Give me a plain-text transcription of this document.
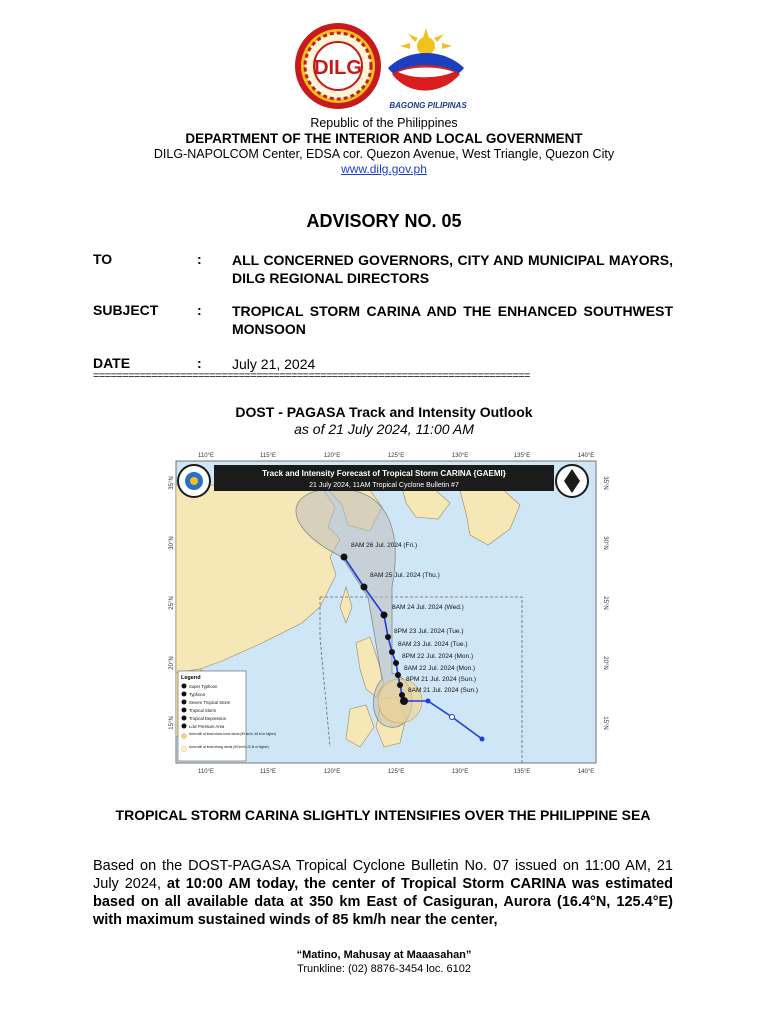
DILG
BAGONG PILIPINAS
Republic of the Philippines
DEPARTMENT OF THE INTERIOR AND LOCAL GOVERNMENT
DILG-NAPOLCOM Center, EDSA cor. Quezon Avenue, West Triangle, Quezon City
www.dilg.gov.ph
ADVISORY NO. 05
TO	: ALL CONCERNED GOVERNORS, CITY AND MUNICIPAL MAYORS, DILG REGIONAL DIRECTORS
SUBJECT	: TROPICAL STORM CARINA AND THE ENHANCED SOUTHWEST MONSOON
DATE	: July 21, 2024
===========================================================================
DOST - PAGASA Track and Intensity Outlook
as of 21 July 2024, 11:00 AM
8AM 26 Jul. 2024 (Fri.)
8AM 25 Jul. 2024 (Thu.)
8AM 24 Jul. 2024 (Wed.)
8PM 23 Jul. 2024 (Tue.)
8AM 23 Jul. 2024 (Tue.)
8PM 22 Jul. 2024 (Mon.)
8AM 22 Jul. 2024 (Mon.)
8PM 21 Jul. 2024 (Sun.)
8AM 21 Jul. 2024 (Sun.)
Track and Intensity Forecast of Tropical Storm CARINA {GAEMI}
21 July 2024, 11AM Tropical Cyclone Bulletin #7
110°E	115°E	120°E	125°E	130°E	135°E	140°E
110°E	115°E	120°E	125°E	130°E	135°E	140°E
35°N
30°N
25°N
20°N
15°N
35°N
30°N
25°N
20°N
15°N
Legend
Super Typhoon
Typhoon
Severe Tropical Storm
Tropical Storm
Tropical Depression
Low Pressure Area
Area with at least storm-force winds (89 km/h, 48 kt or higher)
Area with at least strong winds (39 km/h, 22 kt or higher)
TROPICAL STORM CARINA SLIGHTLY INTENSIFIES OVER THE PHILIPPINE SEA
Based on the DOST-PAGASA Tropical Cyclone Bulletin No. 07 issued on 11:00 AM, 21 July 2024, at 10:00 AM today, the center of Tropical Storm CARINA was estimated based on all available data at 350 km East of Casiguran, Aurora (16.4°N, 125.4°E) with maximum sustained winds of 85 km/h near the center,
“Matino, Mahusay at Maaasahan”
Trunkline: (02) 8876-3454 loc. 6102
